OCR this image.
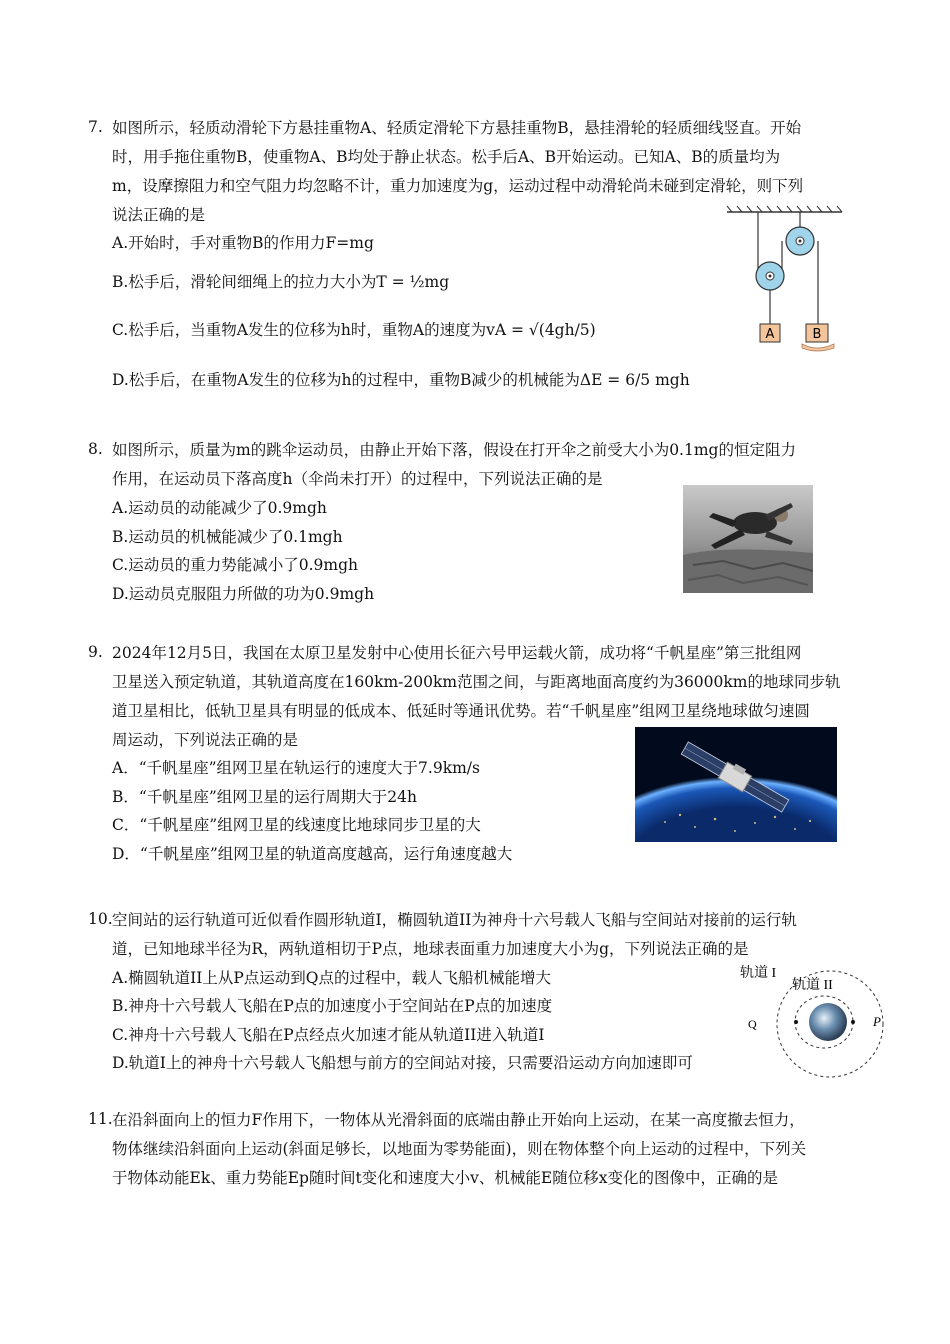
7. 如图所示，轻质动滑轮下方悬挂重物A、轻质定滑轮下方悬挂重物B，悬挂滑轮的轻质细线竖直。开始
时，用手拖住重物B，使重物A、B均处于静止状态。松手后A、B开始运动。已知A、B的质量均为
m，设摩擦阻力和空气阻力均忽略不计，重力加速度为g，运动过程中动滑轮尚未碰到定滑轮，则下列
说法正确的是
A.开始时，手对重物B的作用力F=mg
B.松手后，滑轮间细绳上的拉力大小为T = ½mg
C.松手后，当重物A发生的位移为h时，重物A的速度为vA = √(4gh/5)
D.松手后，在重物A发生的位移为h的过程中，重物B减少的机械能为ΔE = 6/5 mgh
A	B
8. 如图所示，质量为m的跳伞运动员，由静止开始下落，假设在打开伞之前受大小为0.1mg的恒定阻力
作用，在运动员下落高度h（伞尚未打开）的过程中，下列说法正确的是
A.运动员的动能减少了0.9mgh
B.运动员的机械能减少了0.1mgh
C.运动员的重力势能减小了0.9mgh
D.运动员克服阻力所做的功为0.9mgh
9. 2024年12月5日，我国在太原卫星发射中心使用长征六号甲运载火箭，成功将“千帆星座”第三批组网
卫星送入预定轨道，其轨道高度在160km-200km范围之间，与距离地面高度约为36000km的地球同步轨
道卫星相比，低轨卫星具有明显的低成本、低延时等通讯优势。若“千帆星座”组网卫星绕地球做匀速圆
周运动，下列说法正确的是
A．“千帆星座”组网卫星在轨运行的速度大于7.9km/s
B．“千帆星座”组网卫星的运行周期大于24h
C．“千帆星座”组网卫星的线速度比地球同步卫星的大
D．“千帆星座”组网卫星的轨道高度越高，运行角速度越大
10. 空间站的运行轨道可近似看作圆形轨道I，椭圆轨道II为神舟十六号载人飞船与空间站对接前的运行轨
道，已知地球半径为R，两轨道相切于P点，地球表面重力加速度大小为g，下列说法正确的是
A.椭圆轨道II上从P点运动到Q点的过程中，载人飞船机械能增大
B.神舟十六号载人飞船在P点的加速度小于空间站在P点的加速度
C.神舟十六号载人飞船在P点经点火加速才能从轨道II进入轨道I
D.轨道I上的神舟十六号载人飞船想与前方的空间站对接，只需要沿运动方向加速即可
轨道 I
轨道 II
Q	P
11. 在沿斜面向上的恒力F作用下，一物体从光滑斜面的底端由静止开始向上运动，在某一高度撤去恒力，
物体继续沿斜面向上运动(斜面足够长，以地面为零势能面)，则在物体整个向上运动的过程中，下列关
于物体动能Ek、重力势能Ep随时间t变化和速度大小v、机械能E随位移x变化的图像中，正确的是
